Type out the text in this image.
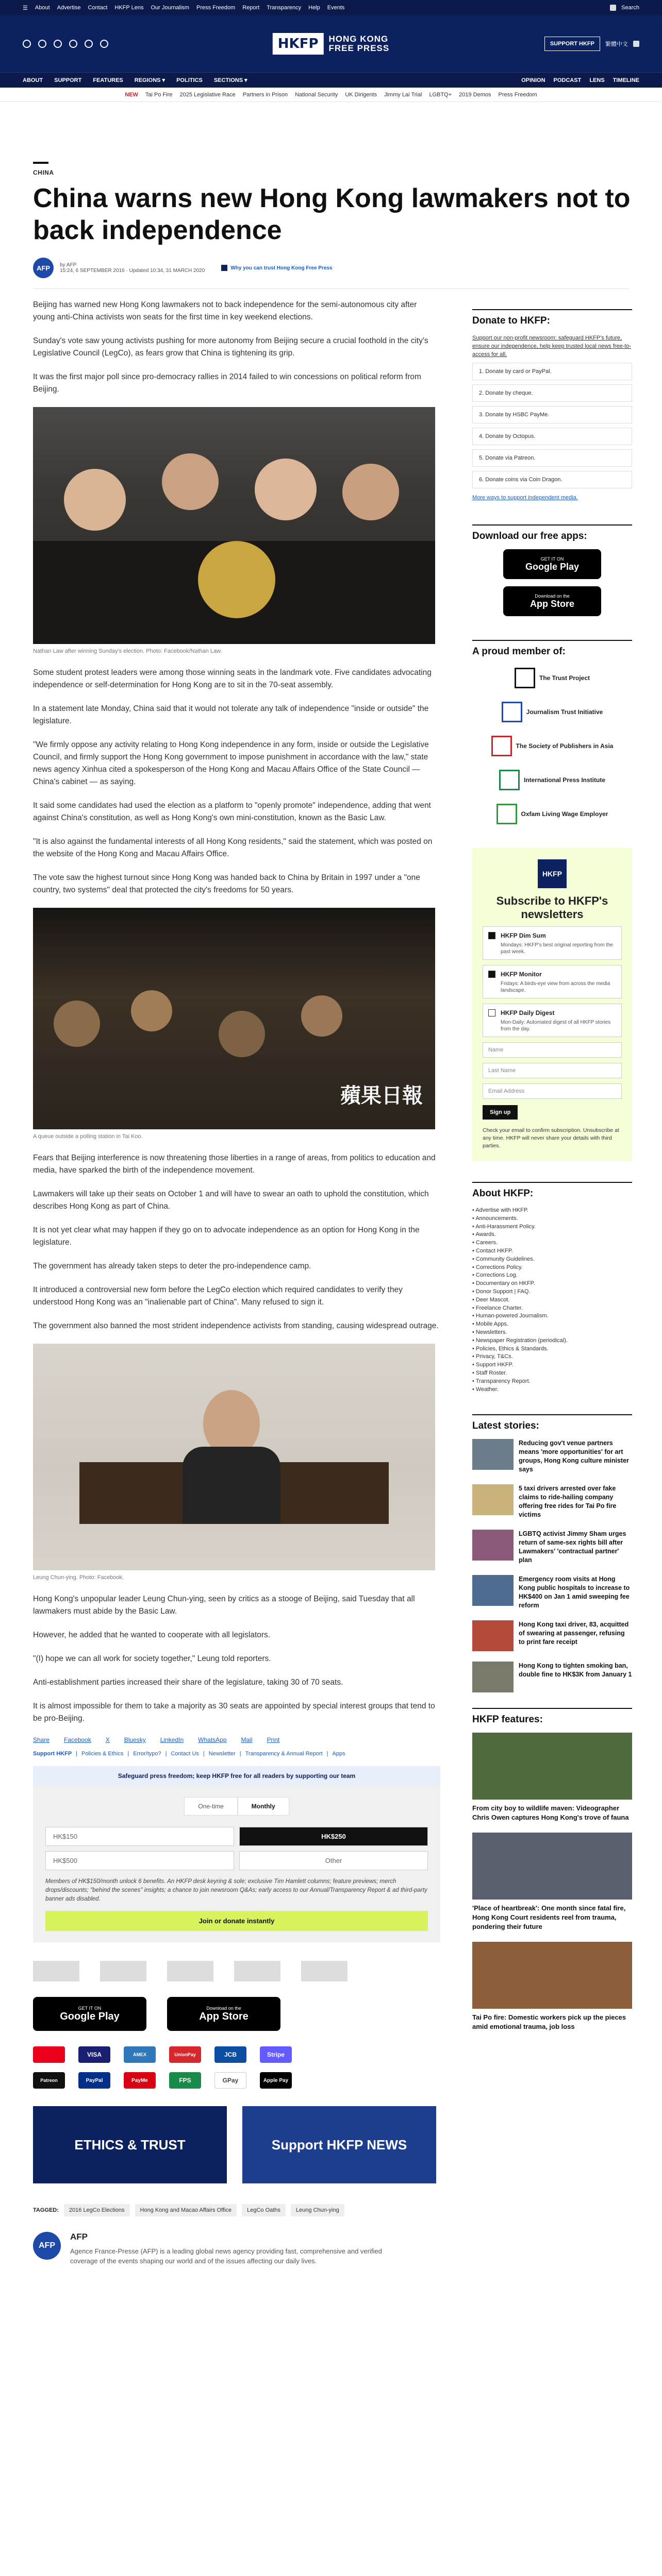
☰ About Advertise Contact HKFP Lens Our Journalism Press Freedom Report Transparency Help Events	Search
HKFP	HONG KONG
FREE PRESS	SUPPORT HKFP	繁體中文
ABOUT SUPPORT FEATURES REGIONS ▾ POLITICS SECTIONS ▾	OPINION PODCAST LENS TIMELINE
NEW Tai Po Fire 2025 Legislative Race Partners in Prison National Security UK Dirigents Jimmy Lai Trial LGBTQ+ 2019 Demos Press Freedom
CHINA
China warns new Hong Kong lawmakers not to back independence
AFP	by AFP
15:24, 6 SEPTEMBER 2016 · Updated 10:34, 31 MARCH 2020	Why you can trust Hong Kong Free Press

Beijing has warned new Hong Kong lawmakers not to back independence for the semi-autonomous city after young anti-China activists won seats for the first time in key weekend elections.

Sunday's vote saw young activists pushing for more autonomy from Beijing secure a crucial foothold in the city's Legislative Council (LegCo), as fears grow that China is tightening its grip.

It was the first major poll since pro-democracy rallies in 2014 failed to win concessions on political reform from Beijing.

Nathan Law after winning Sunday's election. Photo: Facebook/Nathan Law.

Some student protest leaders were among those winning seats in the landmark vote. Five candidates advocating independence or self-determination for Hong Kong are to sit in the 70-seat assembly.

In a statement late Monday, China said that it would not tolerate any talk of independence "inside or outside" the legislature.

"We firmly oppose any activity relating to Hong Kong independence in any form, inside or outside the Legislative Council, and firmly support the Hong Kong government to impose punishment in accordance with the law," state news agency Xinhua cited a spokesperson of the Hong Kong and Macau Affairs Office of the State Council — China's cabinet — as saying.

It said some candidates had used the election as a platform to "openly promote" independence, adding that went against China's constitution, as well as Hong Kong's own mini-constitution, known as the Basic Law.

"It is also against the fundamental interests of all Hong Kong residents," said the statement, which was posted on the website of the Hong Kong and Macau Affairs Office.

The vote saw the highest turnout since Hong Kong was handed back to China by Britain in 1997 under a "one country, two systems" deal that protected the city's freedoms for 50 years.

蘋果日報
A queue outside a polling station in Tai Koo.

Fears that Beijing interference is now threatening those liberties in a range of areas, from politics to education and media, have sparked the birth of the independence movement.

Lawmakers will take up their seats on October 1 and will have to swear an oath to uphold the constitution, which describes Hong Kong as part of China.

It is not yet clear what may happen if they go on to advocate independence as an option for Hong Kong in the legislature.

The government has already taken steps to deter the pro-independence camp.

It introduced a controversial new form before the LegCo election which required candidates to verify they understood Hong Kong was an "inalienable part of China". Many refused to sign it.

The government also banned the most strident independence activists from standing, causing widespread outrage.

Leung Chun-ying. Photo: Facebook.

Hong Kong's unpopular leader Leung Chun-ying, seen by critics as a stooge of Beijing, said Tuesday that all lawmakers must abide by the Basic Law.

However, he added that he wanted to cooperate with all legislators.

"(I) hope we can all work for society together," Leung told reporters.

Anti-establishment parties increased their share of the legislature, taking 30 of 70 seats.

It is almost impossible for them to take a majority as 30 seats are appointed by special interest groups that tend to be pro-Beijing.

Share Facebook X Bluesky LinkedIn WhatsApp Mail Print
Support HKFP | Policies & Ethics | Error/typo? | Contact Us | Newsletter | Transparency & Annual Report | Apps
Safeguard press freedom; keep HKFP free for all readers by supporting our team
One-time	Monthly
HK$150	HK$250
HK$500	Other
Members of HK$150/month unlock 6 benefits. An HKFP desk keyring & sole; exclusive Tim Hamlett columns; feature previews; merch drops/discounts; "behind the scenes" insights; a chance to join newsroom Q&As; early access to our Annual/Transparency Report & ad third-party banner ads disabled.
Join or donate instantly
GET IT ON
Google Play
Download on the
App Store
VISA	AMEX	UnionPay	JCB	Stripe
Patreon	PayPal	PayMe	FPS	GPay	Apple Pay
ETHICS & TRUST	Support HKFP NEWS
TAGGED:	2016 LegCo Elections	Hong Kong and Macao Affairs Office	LegCo Oaths	Leung Chun-ying
AFP
AFP
Agence France-Presse (AFP) is a leading global news agency providing fast, comprehensive and verified coverage of the events shaping our world and of the issues affecting our daily lives.
Donate to HKFP:
Support our non-profit newsroom: safeguard HKFP's future, ensure our independence, help keep trusted local news free-to-access for all.
1. Donate by card or PayPal.
2. Donate by cheque.
3. Donate by HSBC PayMe.
4. Donate by Octopus.
5. Donate via Patreon.
6. Donate coins via Coin Dragon.
More ways to support independent media.
Download our free apps:
GET IT ON
Google Play
Download on the
App Store
A proud member of:
The Trust Project
Journalism Trust Initiative
The Society of Publishers in Asia
International Press Institute
Oxfam Living Wage Employer
HKFP
Subscribe to HKFP's newsletters
HKFP Dim Sum

Mondays: HKFP's best original reporting from the past week.

HKFP Monitor

Fridays: A birds-eye view from across the media landscape.

HKFP Daily Digest

Mon-Daily: Automated digest of all HKFP stories from the day.

Name
Last Name
Email Address
Sign up
Check your email to confirm subscription. Unsubscribe at any time. HKFP will never share your details with third parties.
About HKFP:
• Advertise with HKFP.
• Announcements.
• Anti-Harassment Policy.
• Awards.
• Careers.
• Contact HKFP.
• Community Guidelines.
• Corrections Policy.
• Corrections Log.
• Documentary on HKFP.
• Donor Support | FAQ.
• Deer Mascot.
• Freelance Charter.
• Human-powered Journalism.
• Mobile Apps.
• Newsletters.
• Newspaper Registration (periodical).
• Policies, Ethics & Standards.
• Privacy, T&Cs.
• Support HKFP.
• Staff Roster.
• Transparency Report.
• Weather.
Latest stories:
Reducing gov't venue partners means 'more opportunities' for art groups, Hong Kong culture minister says
5 taxi drivers arrested over fake claims to ride-hailing company offering free rides for Tai Po fire victims
LGBTQ activist Jimmy Sham urges return of same-sex rights bill after Lawmakers' 'contractual partner' plan
Emergency room visits at Hong Kong public hospitals to increase to HK$400 on Jan 1 amid sweeping fee reform
Hong Kong taxi driver, 83, acquitted of swearing at passenger, refusing to print fare receipt
Hong Kong to tighten smoking ban, double fine to HK$3K from January 1
HKFP features:
From city boy to wildlife maven: Videographer Chris Owen captures Hong Kong's trove of fauna
'Place of heartbreak': One month since fatal fire, Hong Kong Court residents reel from trauma, pondering their future
Tai Po fire: Domestic workers pick up the pieces amid emotional trauma, job loss
